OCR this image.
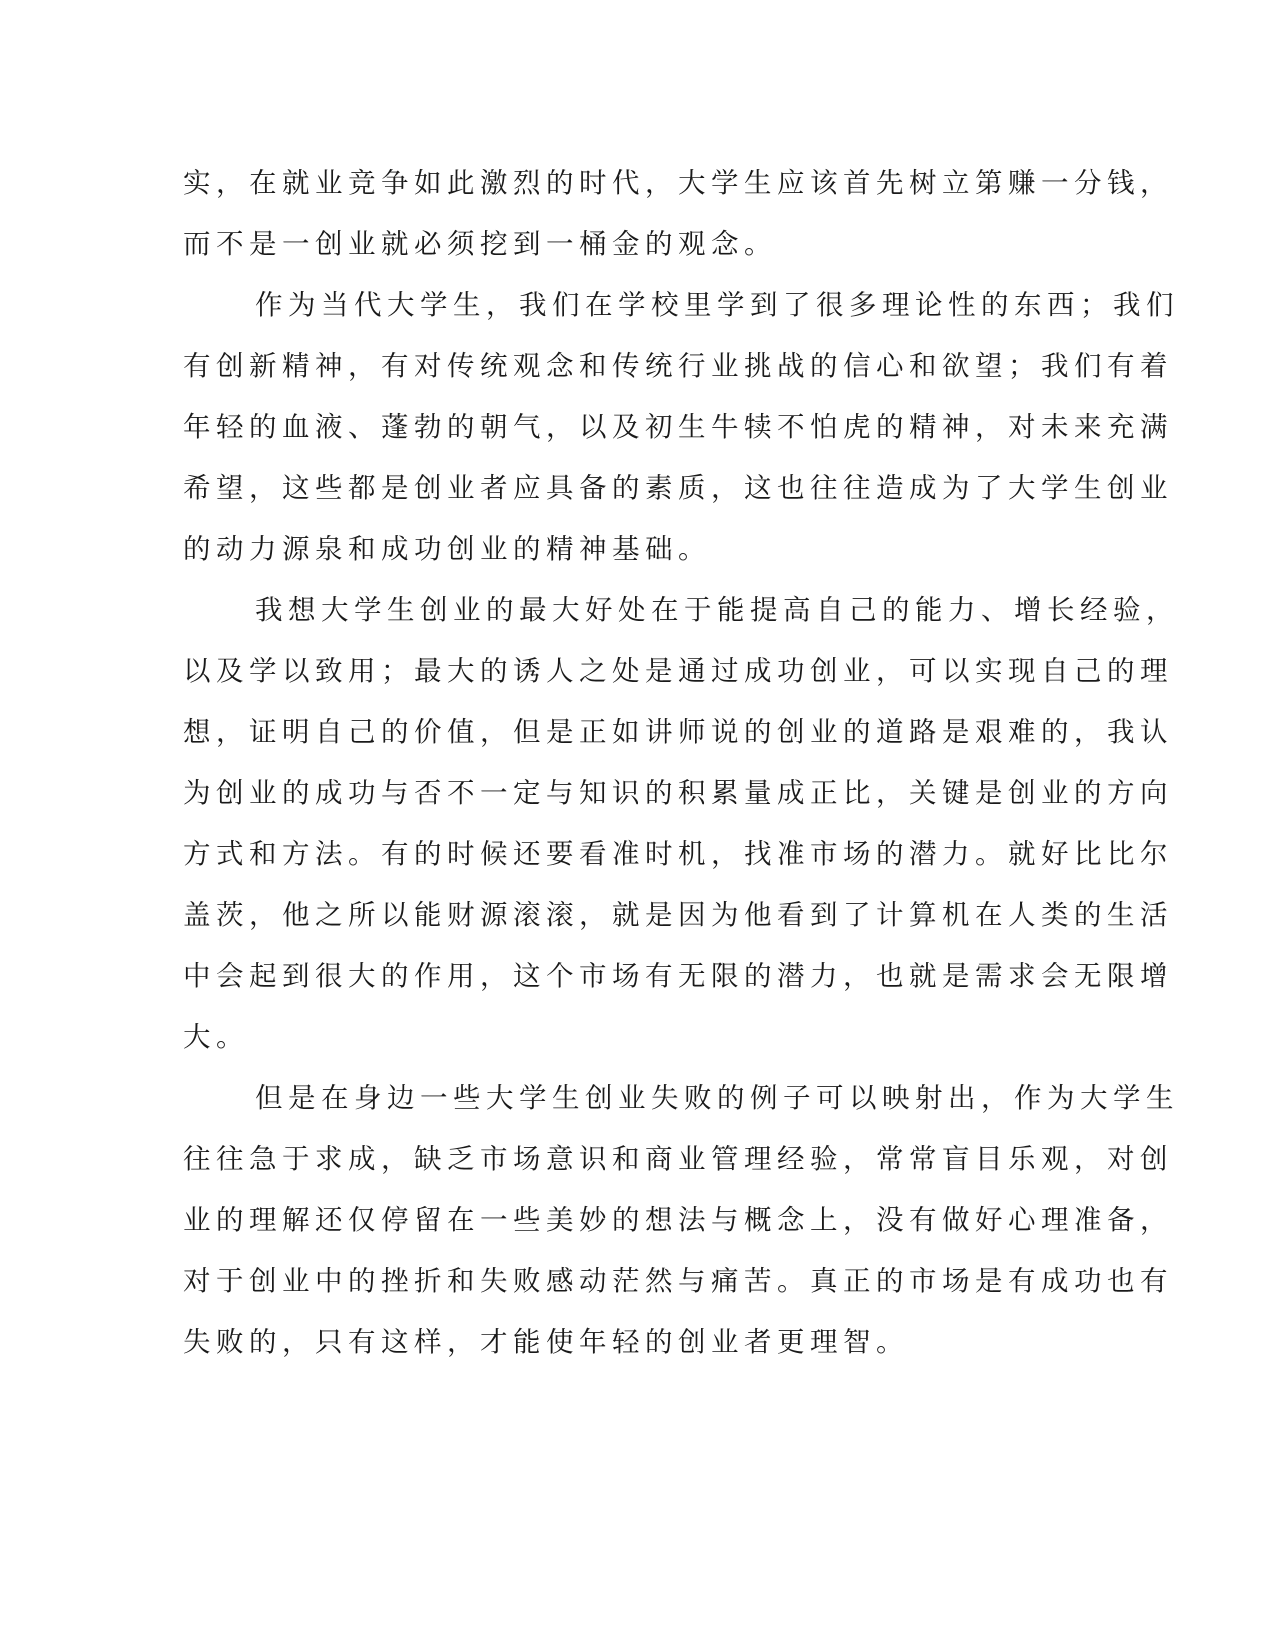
实，在就业竞争如此激烈的时代，大学生应该首先树立第赚一分钱，
而不是一创业就必须挖到一桶金的观念。
作为当代大学生，我们在学校里学到了很多理论性的东西；我们
有创新精神，有对传统观念和传统行业挑战的信心和欲望；我们有着
年轻的血液、蓬勃的朝气，以及初生牛犊不怕虎的精神，对未来充满
希望，这些都是创业者应具备的素质，这也往往造成为了大学生创业
的动力源泉和成功创业的精神基础。
我想大学生创业的最大好处在于能提高自己的能力、增长经验，
以及学以致用；最大的诱人之处是通过成功创业，可以实现自己的理
想，证明自己的价值，但是正如讲师说的创业的道路是艰难的，我认
为创业的成功与否不一定与知识的积累量成正比，关键是创业的方向
方式和方法。有的时候还要看准时机，找准市场的潜力。就好比比尔
盖茨，他之所以能财源滚滚，就是因为他看到了计算机在人类的生活
中会起到很大的作用，这个市场有无限的潜力，也就是需求会无限增
大。
但是在身边一些大学生创业失败的例子可以映射出，作为大学生
往往急于求成，缺乏市场意识和商业管理经验，常常盲目乐观，对创
业的理解还仅停留在一些美妙的想法与概念上，没有做好心理准备，
对于创业中的挫折和失败感动茫然与痛苦。真正的市场是有成功也有
失败的，只有这样，才能使年轻的创业者更理智。
